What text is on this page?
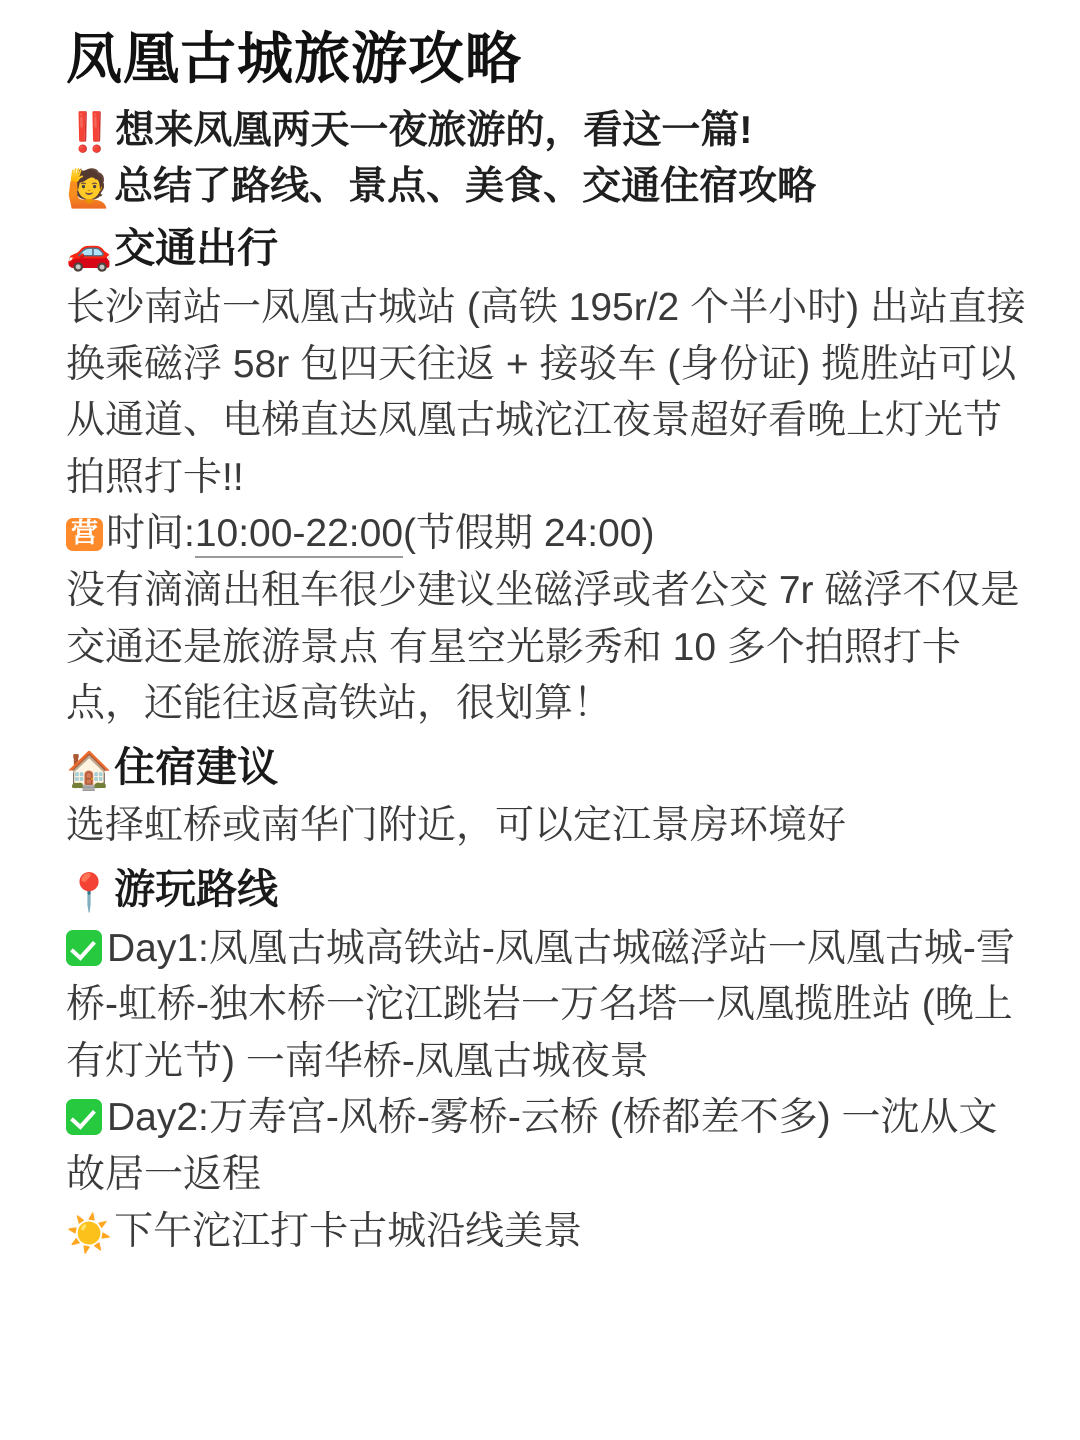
凤凰古城旅游攻略
‼️ 想来凤凰两天一夜旅游的，看这一篇!
🙋总结了路线、景点、美食、交通住宿攻略
🚗交通出行
长沙南站一凤凰古城站 (高铁 195r/2 个半小时) 出站直接换乘磁浮 58r 包四天往返 + 接驳车 (身份证) 揽胜站可以从通道、电梯直达凤凰古城沱江夜景超好看晚上灯光节拍照打卡!!
营 时间:10:00-22:00(节假期 24:00)
没有滴滴出租车很少建议坐磁浮或者公交 7r 磁浮不仅是交通还是旅游景点 有星空光影秀和 10 多个拍照打卡点，还能往返高铁站，很划算！
🏠住宿建议
选择虹桥或南华门附近，可以定江景房环境好
📍游玩路线
Day1:凤凰古城高铁站-凤凰古城磁浮站一凤凰古城-雪桥-虹桥-独木桥一沱江跳岩一万名塔一凤凰揽胜站 (晚上有灯光节) 一南华桥-凤凰古城夜景
Day2:万寿宫-风桥-雾桥-云桥 (桥都差不多) 一沈从文故居一返程
☀️下午沱江打卡古城沿线美景
